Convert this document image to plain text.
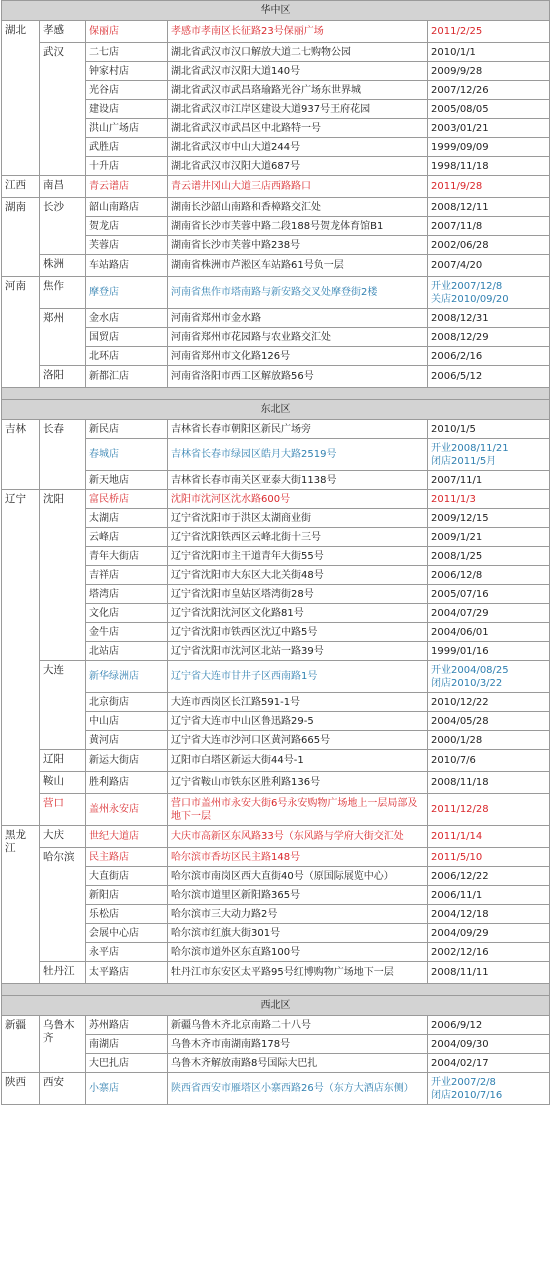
华中区				
湖北	孝感	保丽店	孝感市孝南区长征路23号保丽广场	2011/2/25

	武汉	二七店	湖北省武汉市汉口解放大道二七购物公园	2010/1/1

		钟家村店	湖北省武汉市汉阳大道140号	2009/9/28

		光谷店	湖北省武汉市武昌珞瑜路光谷广场东世界城	2007/12/26

		建设店	湖北省武汉市江岸区建设大道937号王府花园	2005/08/05

		洪山广场店	湖北省武汉市武昌区中北路特一号	2003/01/21

		武胜店	湖北省武汉市中山大道244号	1999/09/09

		十升店	湖北省武汉市汉阳大道687号	1998/11/18

江西	南昌	青云谱店	青云谱井冈山大道三店西路路口	2011/9/28

湖南	长沙	韶山南路店	湖南长沙韶山南路和香樟路交汇处	2008/12/11

		贺龙店	湖南省长沙市芙蓉中路二段188号贺龙体育馆B1	2007/11/8

		芙蓉店	湖南省长沙市芙蓉中路238号	2002/06/28

	株洲	车站路店	湖南省株洲市芦淞区车站路61号负一层	2007/4/20

河南	焦作	摩登店	河南省焦作市塔南路与新安路交叉处摩登街2楼	开业2007/12/8
关店2010/09/20

	郑州	金水店	河南省郑州市金水路	2008/12/31

		国贸店	河南省郑州市花园路与农业路交汇处	2008/12/29

		北环店	河南省郑州市文化路126号	2006/2/16

	洛阳	新都汇店	河南省洛阳市西工区解放路56号	2006/5/12

东北区				
吉林	长春	新民店	吉林省长春市朝阳区新民广场旁	2010/1/5

		春城店	吉林省长春市绿园区皓月大路2519号	开业2008/11/21
闭店2011/5月

		新天地店	吉林省长春市南关区亚泰大街1138号	2007/11/1

辽宁	沈阳	富民桥店	沈阳市沈河区沈水路600号	2011/1/3

		太湖店	辽宁省沈阳市于洪区太湖商业街	2009/12/15

		云峰店	辽宁省沈阳铁西区云峰北街十三号	2009/1/21

		青年大街店	辽宁省沈阳市主干道青年大街55号	2008/1/25

		吉祥店	辽宁省沈阳市大东区大北关街48号	2006/12/8

		塔湾店	辽宁省沈阳市皇姑区塔湾街28号	2005/07/16

		文化店	辽宁省沈阳沈河区文化路81号	2004/07/29

		金牛店	辽宁省沈阳市铁西区沈辽中路5号	2004/06/01

		北站店	辽宁省沈阳市沈河区北站一路39号	1999/01/16

	大连	新华绿洲店	辽宁省大连市甘井子区西南路1号	开业2004/08/25
闭店2010/3/22

		北京街店	大连市西岗区长江路591-1号	2010/12/22

		中山店	辽宁省大连市中山区鲁迅路29-5	2004/05/28

		黄河店	辽宁省大连市沙河口区黄河路665号	2000/1/28

	辽阳	新运大街店	辽阳市白塔区新运大街44号-1	2010/7/6

	鞍山	胜利路店	辽宁省鞍山市铁东区胜利路136号	2008/11/18

	营口	盖州永安店	营口市盖州市永安大街6号永安购物广场地上一层局部及地下一层	2011/12/28

黑龙江	大庆	世纪大道店	大庆市高新区东风路33号（东风路与学府大街交汇处	2011/1/14

	哈尔滨	民主路店	哈尔滨市香坊区民主路148号	2011/5/10

		大直街店	哈尔滨市南岗区西大直街40号（原国际展览中心）	2006/12/22

		新阳店	哈尔滨市道里区新阳路365号	2006/11/1

		乐松店	哈尔滨市三大动力路2号	2004/12/18

		会展中心店	哈尔滨市红旗大街301号	2004/09/29

		永平店	哈尔滨市道外区东直路100号	2002/12/16

	牡丹江	太平路店	牡丹江市东安区太平路95号红博购物广场地下一层	2008/11/11

西北区				
新疆	乌鲁木齐	苏州路店	新疆乌鲁木齐北京南路二十八号	2006/9/12

		南湖店	乌鲁木齐市南湖南路178号	2004/09/30

		大巴扎店	乌鲁木齐解放南路8号国际大巴扎	2004/02/17

陕西	西安	小寨店	陕西省西安市雁塔区小寨西路26号（东方大酒店东侧）	开业2007/2/8
闭店2010/7/16
